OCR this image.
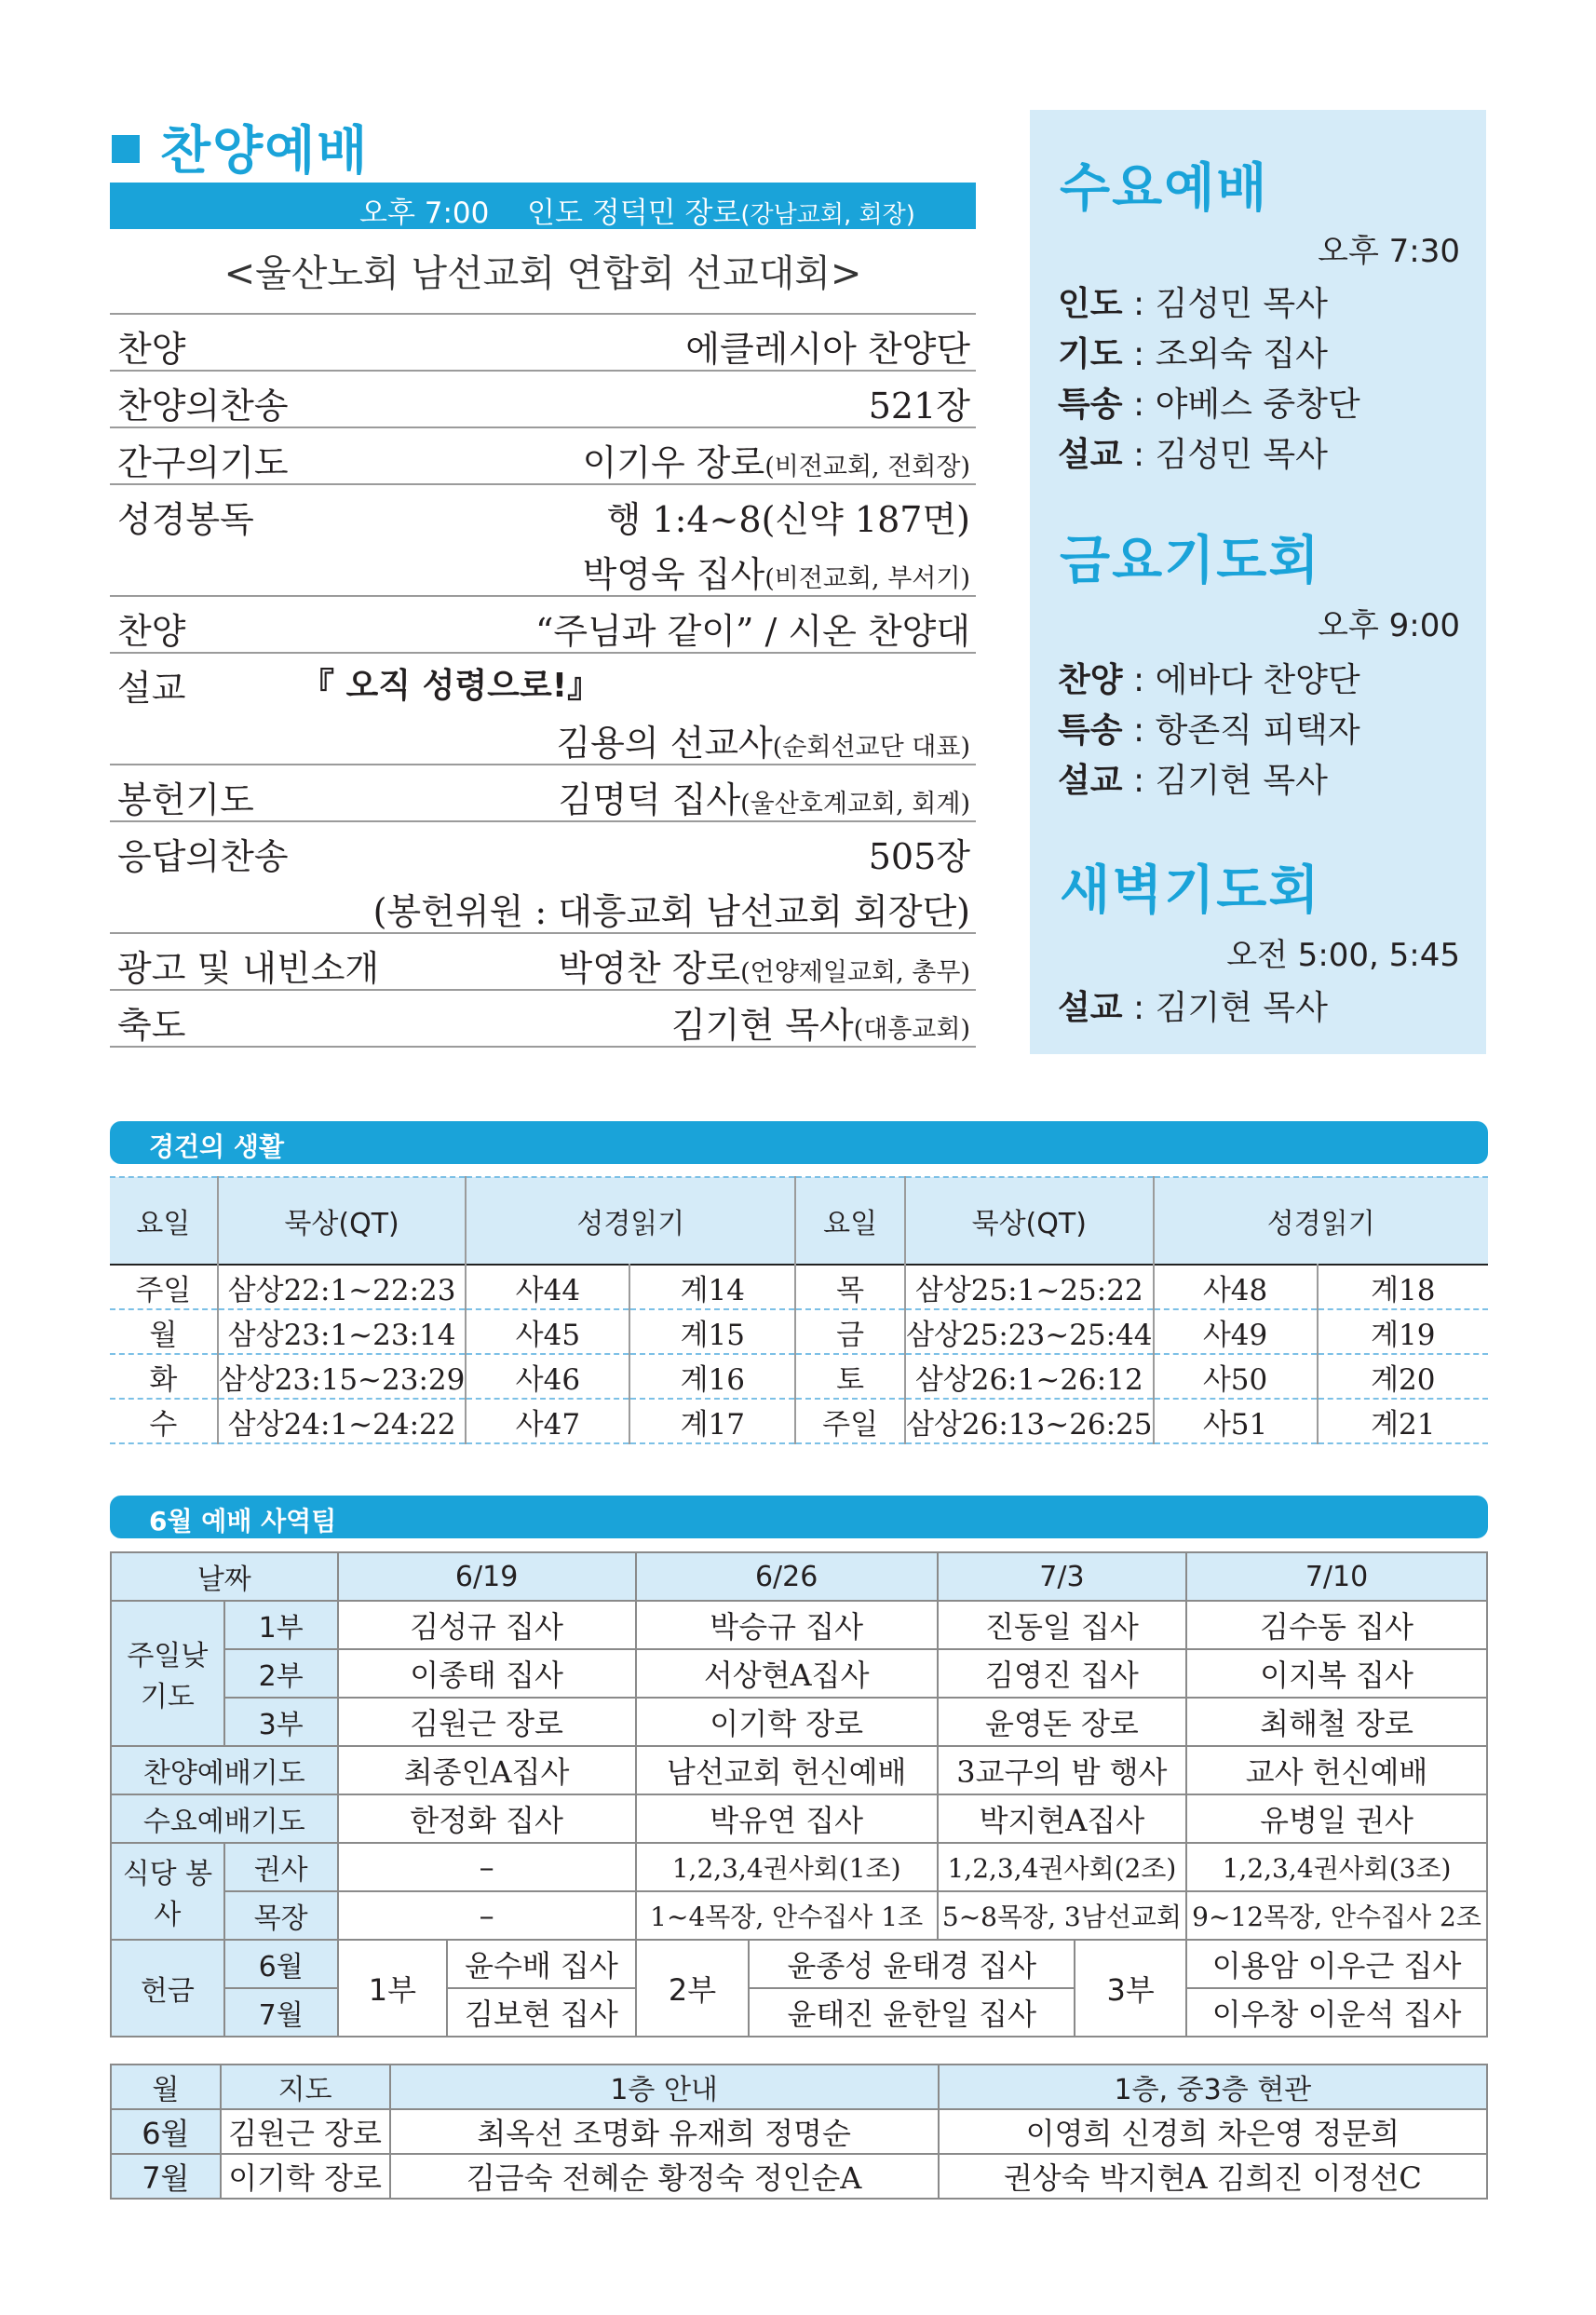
찬양예배
오후 7:00 인도 정덕민 장로(강남교회, 회장)
<울산노회 남선교회 연합회 선교대회>
찬양	에클레시아 찬양단
찬양의찬송	521장
간구의기도	이기우 장로(비전교회, 전회장)
성경봉독	행 1:4~8(신약 187면)
박영욱 집사(비전교회, 부서기)
찬양	“주님과 같이” / 시온 찬양대
설교	『 오직 성령으로!』
김용의 선교사(순회선교단 대표)
봉헌기도	김명덕 집사(울산호계교회, 회계)
응답의찬송	505장
(봉헌위원 : 대흥교회 남선교회 회장단)
광고 및 내빈소개	박영찬 장로(언양제일교회, 총무)
축도	김기현 목사(대흥교회)
수요예배
오후 7:30
인도 : 김성민 목사
기도 : 조외숙 집사
특송 : 야베스 중창단
설교 : 김성민 목사
금요기도회
오후 9:00
찬양 : 에바다 찬양단
특송 : 항존직 피택자
설교 : 김기현 목사
새벽기도회
오전 5:00, 5:45
설교 : 김기현 목사
경건의 생활
요일	묵상(QT)	성경읽기		요일	묵상(QT)	성경읽기	
주일	삼상22:1~22:23	사44	계14	목	삼상25:1~25:22	사48	계18
월	삼상23:1~23:14	사45	계15	금	삼상25:23~25:44	사49	계19
화	삼상23:15~23:29	사46	계16	토	삼상26:1~26:12	사50	계20
수	삼상24:1~24:22	사47	계17	주일	삼상26:13~26:25	사51	계21
6월 예배 사역팀
날짜		6/19		6/26		7/3		7/10
주일낮 기도	1부	김성규 집사		박승규 집사		진동일 집사		김수동 집사
	2부	이종태 집사		서상현A집사		김영진 집사		이지복 집사
	3부	김원근 장로		이기학 장로		윤영돈 장로		최해철 장로
찬양예배기도		최종인A집사		남선교회 헌신예배		3교구의 밤 행사		교사 헌신예배
수요예배기도		한정화 집사		박유연 집사		박지현A집사		유병일 권사
식당 봉사	권사	–		1,2,3,4권사회(1조)		1,2,3,4권사회(2조)		1,2,3,4권사회(3조)
	목장	–		1~4목장, 안수집사 1조		5~8목장, 3남선교회		9~12목장, 안수집사 2조
헌금	6월	1부	윤수배 집사	2부	윤종성 윤태경 집사		3부	이용암 이우근 집사
	7월		김보현 집사		윤태진 윤한일 집사			이우창 이운석 집사
월	지도	1층 안내	1층, 중3층 현관
6월	김원근 장로	최옥선 조명화 유재희 정명순	이영희 신경희 차은영 정문희
7월	이기학 장로	김금숙 전혜순 황정숙 정인순A	권상숙 박지현A 김희진 이정선C
